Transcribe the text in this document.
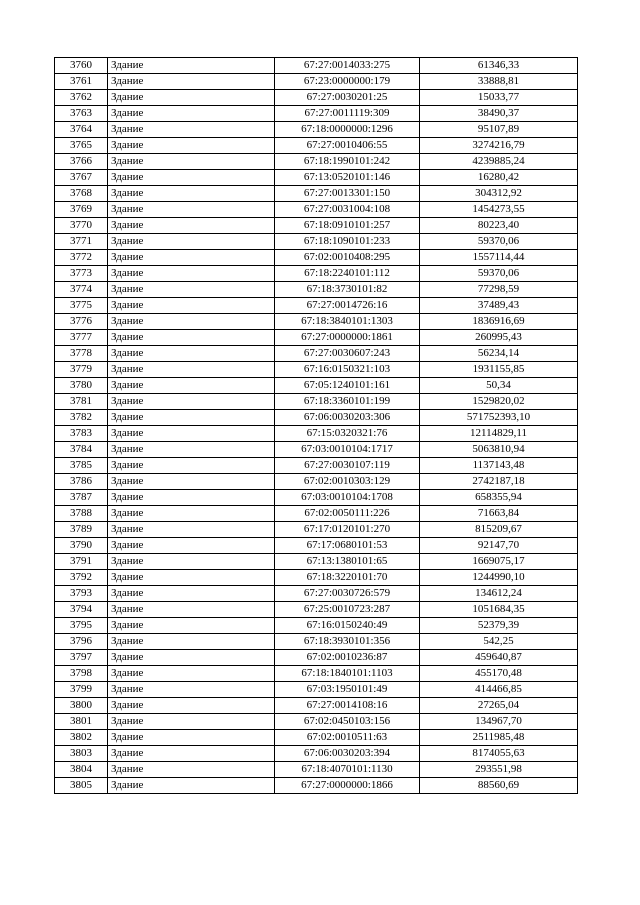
3760	Здание	67:27:0014033:275	61346,33
3761	Здание	67:23:0000000:179	33888,81
3762	Здание	67:27:0030201:25	15033,77
3763	Здание	67:27:0011119:309	38490,37
3764	Здание	67:18:0000000:1296	95107,89
3765	Здание	67:27:0010406:55	3274216,79
3766	Здание	67:18:1990101:242	4239885,24
3767	Здание	67:13:0520101:146	16280,42
3768	Здание	67:27:0013301:150	304312,92
3769	Здание	67:27:0031004:108	1454273,55
3770	Здание	67:18:0910101:257	80223,40
3771	Здание	67:18:1090101:233	59370,06
3772	Здание	67:02:0010408:295	1557114,44
3773	Здание	67:18:2240101:112	59370,06
3774	Здание	67:18:3730101:82	77298,59
3775	Здание	67:27:0014726:16	37489,43
3776	Здание	67:18:3840101:1303	1836916,69
3777	Здание	67:27:0000000:1861	260995,43
3778	Здание	67:27:0030607:243	56234,14
3779	Здание	67:16:0150321:103	1931155,85
3780	Здание	67:05:1240101:161	50,34
3781	Здание	67:18:3360101:199	1529820,02
3782	Здание	67:06:0030203:306	571752393,10
3783	Здание	67:15:0320321:76	12114829,11
3784	Здание	67:03:0010104:1717	5063810,94
3785	Здание	67:27:0030107:119	1137143,48
3786	Здание	67:02:0010303:129	2742187,18
3787	Здание	67:03:0010104:1708	658355,94
3788	Здание	67:02:0050111:226	71663,84
3789	Здание	67:17:0120101:270	815209,67
3790	Здание	67:17:0680101:53	92147,70
3791	Здание	67:13:1380101:65	1669075,17
3792	Здание	67:18:3220101:70	1244990,10
3793	Здание	67:27:0030726:579	134612,24
3794	Здание	67:25:0010723:287	1051684,35
3795	Здание	67:16:0150240:49	52379,39
3796	Здание	67:18:3930101:356	542,25
3797	Здание	67:02:0010236:87	459640,87
3798	Здание	67:18:1840101:1103	455170,48
3799	Здание	67:03:1950101:49	414466,85
3800	Здание	67:27:0014108:16	27265,04
3801	Здание	67:02:0450103:156	134967,70
3802	Здание	67:02:0010511:63	2511985,48
3803	Здание	67:06:0030203:394	8174055,63
3804	Здание	67:18:4070101:1130	293551,98
3805	Здание	67:27:0000000:1866	88560,69
